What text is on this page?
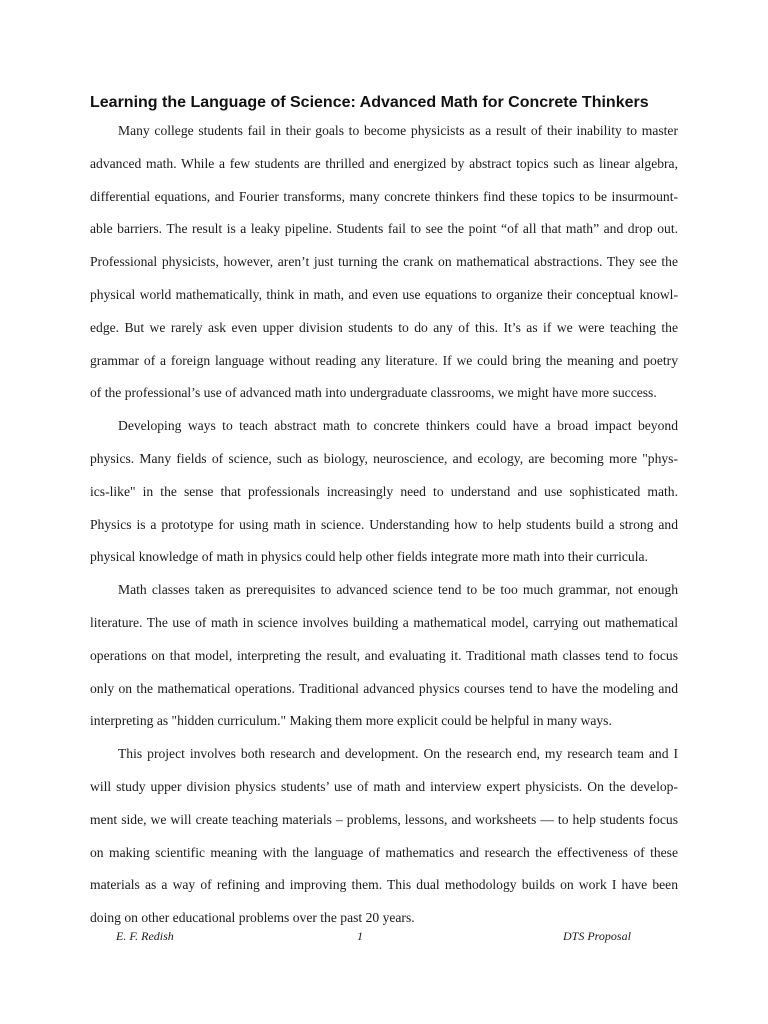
Learning the Language of Science: Advanced Math for Concrete Thinkers
Many college students fail in their goals to become physicists as a result of their inability to master
advanced math. While a few students are thrilled and energized by abstract topics such as linear algebra,
differential equations, and Fourier transforms, many concrete thinkers find these topics to be insurmount-
able barriers. The result is a leaky pipeline. Students fail to see the point “of all that math” and drop out.
Professional physicists, however, aren’t just turning the crank on mathematical abstractions. They see the
physical world mathematically, think in math, and even use equations to organize their conceptual knowl-
edge. But we rarely ask even upper division students to do any of this. It’s as if we were teaching the
grammar of a foreign language without reading any literature. If we could bring the meaning and poetry
of the professional’s use of advanced math into undergraduate classrooms, we might have more success.
Developing ways to teach abstract math to concrete thinkers could have a broad impact beyond
physics. Many fields of science, such as biology, neuroscience, and ecology, are becoming more "phys-
ics-like" in the sense that professionals increasingly need to understand and use sophisticated math.
Physics is a prototype for using math in science. Understanding how to help students build a strong and
physical knowledge of math in physics could help other fields integrate more math into their curricula.
Math classes taken as prerequisites to advanced science tend to be too much grammar, not enough
literature. The use of math in science involves building a mathematical model, carrying out mathematical
operations on that model, interpreting the result, and evaluating it. Traditional math classes tend to focus
only on the mathematical operations. Traditional advanced physics courses tend to have the modeling and
interpreting as "hidden curriculum." Making them more explicit could be helpful in many ways.
This project involves both research and development. On the research end, my research team and I
will study upper division physics students’ use of math and interview expert physicists. On the develop-
ment side, we will create teaching materials – problems, lessons, and worksheets — to help students focus
on making scientific meaning with the language of mathematics and research the effectiveness of these
materials as a way of refining and improving them. This dual methodology builds on work I have been
doing on other educational problems over the past 20 years.
E. F. Redish	1	DTS Proposal
